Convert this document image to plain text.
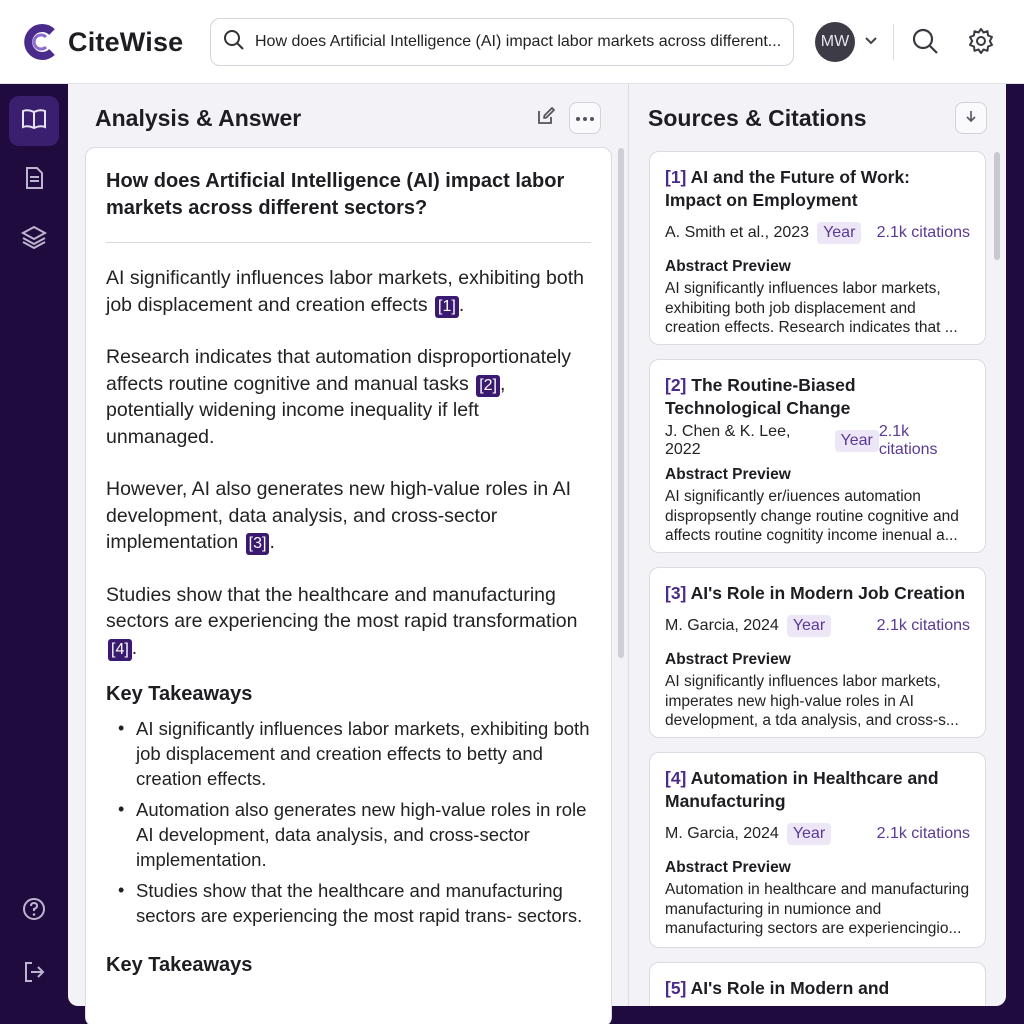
CiteWise	How does Artificial Intelligence (AI) impact labor markets across different...	MW
Analysis & Answer
How does Artificial Intelligence (AI) impact labor markets across different sectors?

AI significantly influences labor markets, exhibiting both job displacement and creation effects [1] .

Research indicates that automation disproportionately affects routine cognitive and manual tasks [2] , potentially widening income inequality if left unmanaged.

However, AI also generates new high-value roles in AI development, data analysis, and cross-sector implementation [3] .

Studies show that the healthcare and manufacturing sectors are experiencing the most rapid transformation [4] .

Key Takeaways
• AI significantly influences labor markets, exhibiting both job displacement and creation effects to betty and creation effects.
• Automation also generates new high-value roles in role AI development, data analysis, and cross-sector implementation.
• Studies show that the healthcare and manufacturing sectors are experiencing the most rapid trans- sectors.
Key Takeaways
Sources & Citations
[1] AI and the Future of Work: Impact on Employment
A. Smith et al., 2023 Year	2.1k citations
Abstract Preview
AI significantly influences labor markets, exhibiting both job displacement and creation effects. Research indicates that ...
[2] The Routine-Biased Technological Change
J. Chen & K. Lee, 2022
Year
2.1k citations
Abstract Preview
AI significantly er/iuences automation dispropsently change routine cognitive and affects routine cognitity income inenual a...
[3] AI's Role in Modern Job Creation
M. Garcia, 2024 Year	2.1k citations
Abstract Preview
AI significantly influences labor markets, imperates new high-value roles in AI development, a tda analysis, and cross-s...
[4] Automation in Healthcare and Manufacturing
M. Garcia, 2024 Year	2.1k citations
Abstract Preview
Automation in healthcare and manufacturing manufacturing in numionce and manufacturing sectors are experiencingio...
[5] AI's Role in Modern and
